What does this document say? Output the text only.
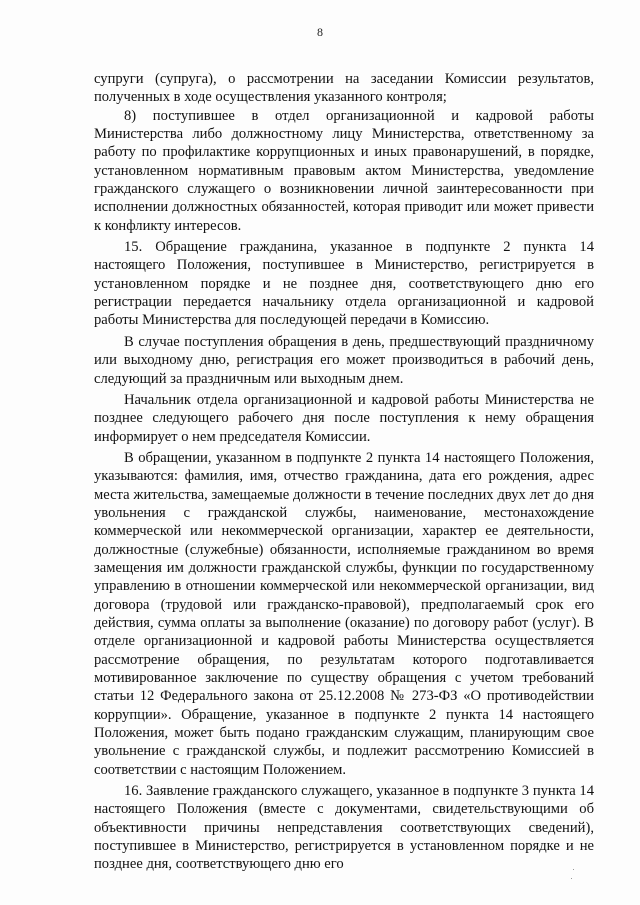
8

супруги (супруга), о рассмотрении на заседании Комиссии результатов, полученных в ходе осуществления указанного контроля;

8) поступившее в отдел организационной и кадровой работы Министерства либо должностному лицу Министерства, ответственному за работу по профилактике коррупционных и иных правонарушений, в порядке, установленном нормативным правовым актом Министерства, уведомление гражданского служащего о возникновении личной заинтересованности при исполнении должностных обязанностей, которая приводит или может привести к конфликту интересов.

15. Обращение гражданина, указанное в подпункте 2 пункта 14 настоящего Положения, поступившее в Министерство, регистрируется в установленном порядке и не позднее дня, соответствующего дню его регистрации передается начальнику отдела организационной и кадровой работы Министерства для последующей передачи в Комиссию.

В случае поступления обращения в день, предшествующий праздничному или выходному дню, регистрация его может производиться в рабочий день, следующий за праздничным или выходным днем.

Начальник отдела организационной и кадровой работы Министерства не позднее следующего рабочего дня после поступления к нему обращения информирует о нем председателя Комиссии.

В обращении, указанном в подпункте 2 пункта 14 настоящего Положения, указываются: фамилия, имя, отчество гражданина, дата его рождения, адрес места жительства, замещаемые должности в течение последних двух лет до дня увольнения с гражданской службы, наименование, местонахождение коммерческой или некоммерческой организации, характер ее деятельности, должностные (служебные) обязанности, исполняемые гражданином во время замещения им должности гражданской службы, функции по государственному управлению в отношении коммерческой или некоммерческой организации, вид договора (трудовой или гражданско-правовой), предполагаемый срок его действия, сумма оплаты за выполнение (оказание) по договору работ (услуг). В отделе организационной и кадровой работы Министерства осуществляется рассмотрение обращения, по результатам которого подготавливается мотивированное заключение по существу обращения с учетом требований статьи 12 Федерального закона от 25.12.2008 № 273-ФЗ «О противодействии коррупции». Обращение, указанное в подпункте 2 пункта 14 настоящего Положения, может быть подано гражданским служащим, планирующим свое увольнение с гражданской службы, и подлежит рассмотрению Комиссией в соответствии с настоящим Положением.

16. Заявление гражданского служащего, указанное в подпункте 3 пункта 14 настоящего Положения (вместе с документами, свидетельствующими об объективности причины непредставления соответствующих сведений), поступившее в Министерство, регистрируется в установленном порядке и не позднее дня, соответствующего дню его
